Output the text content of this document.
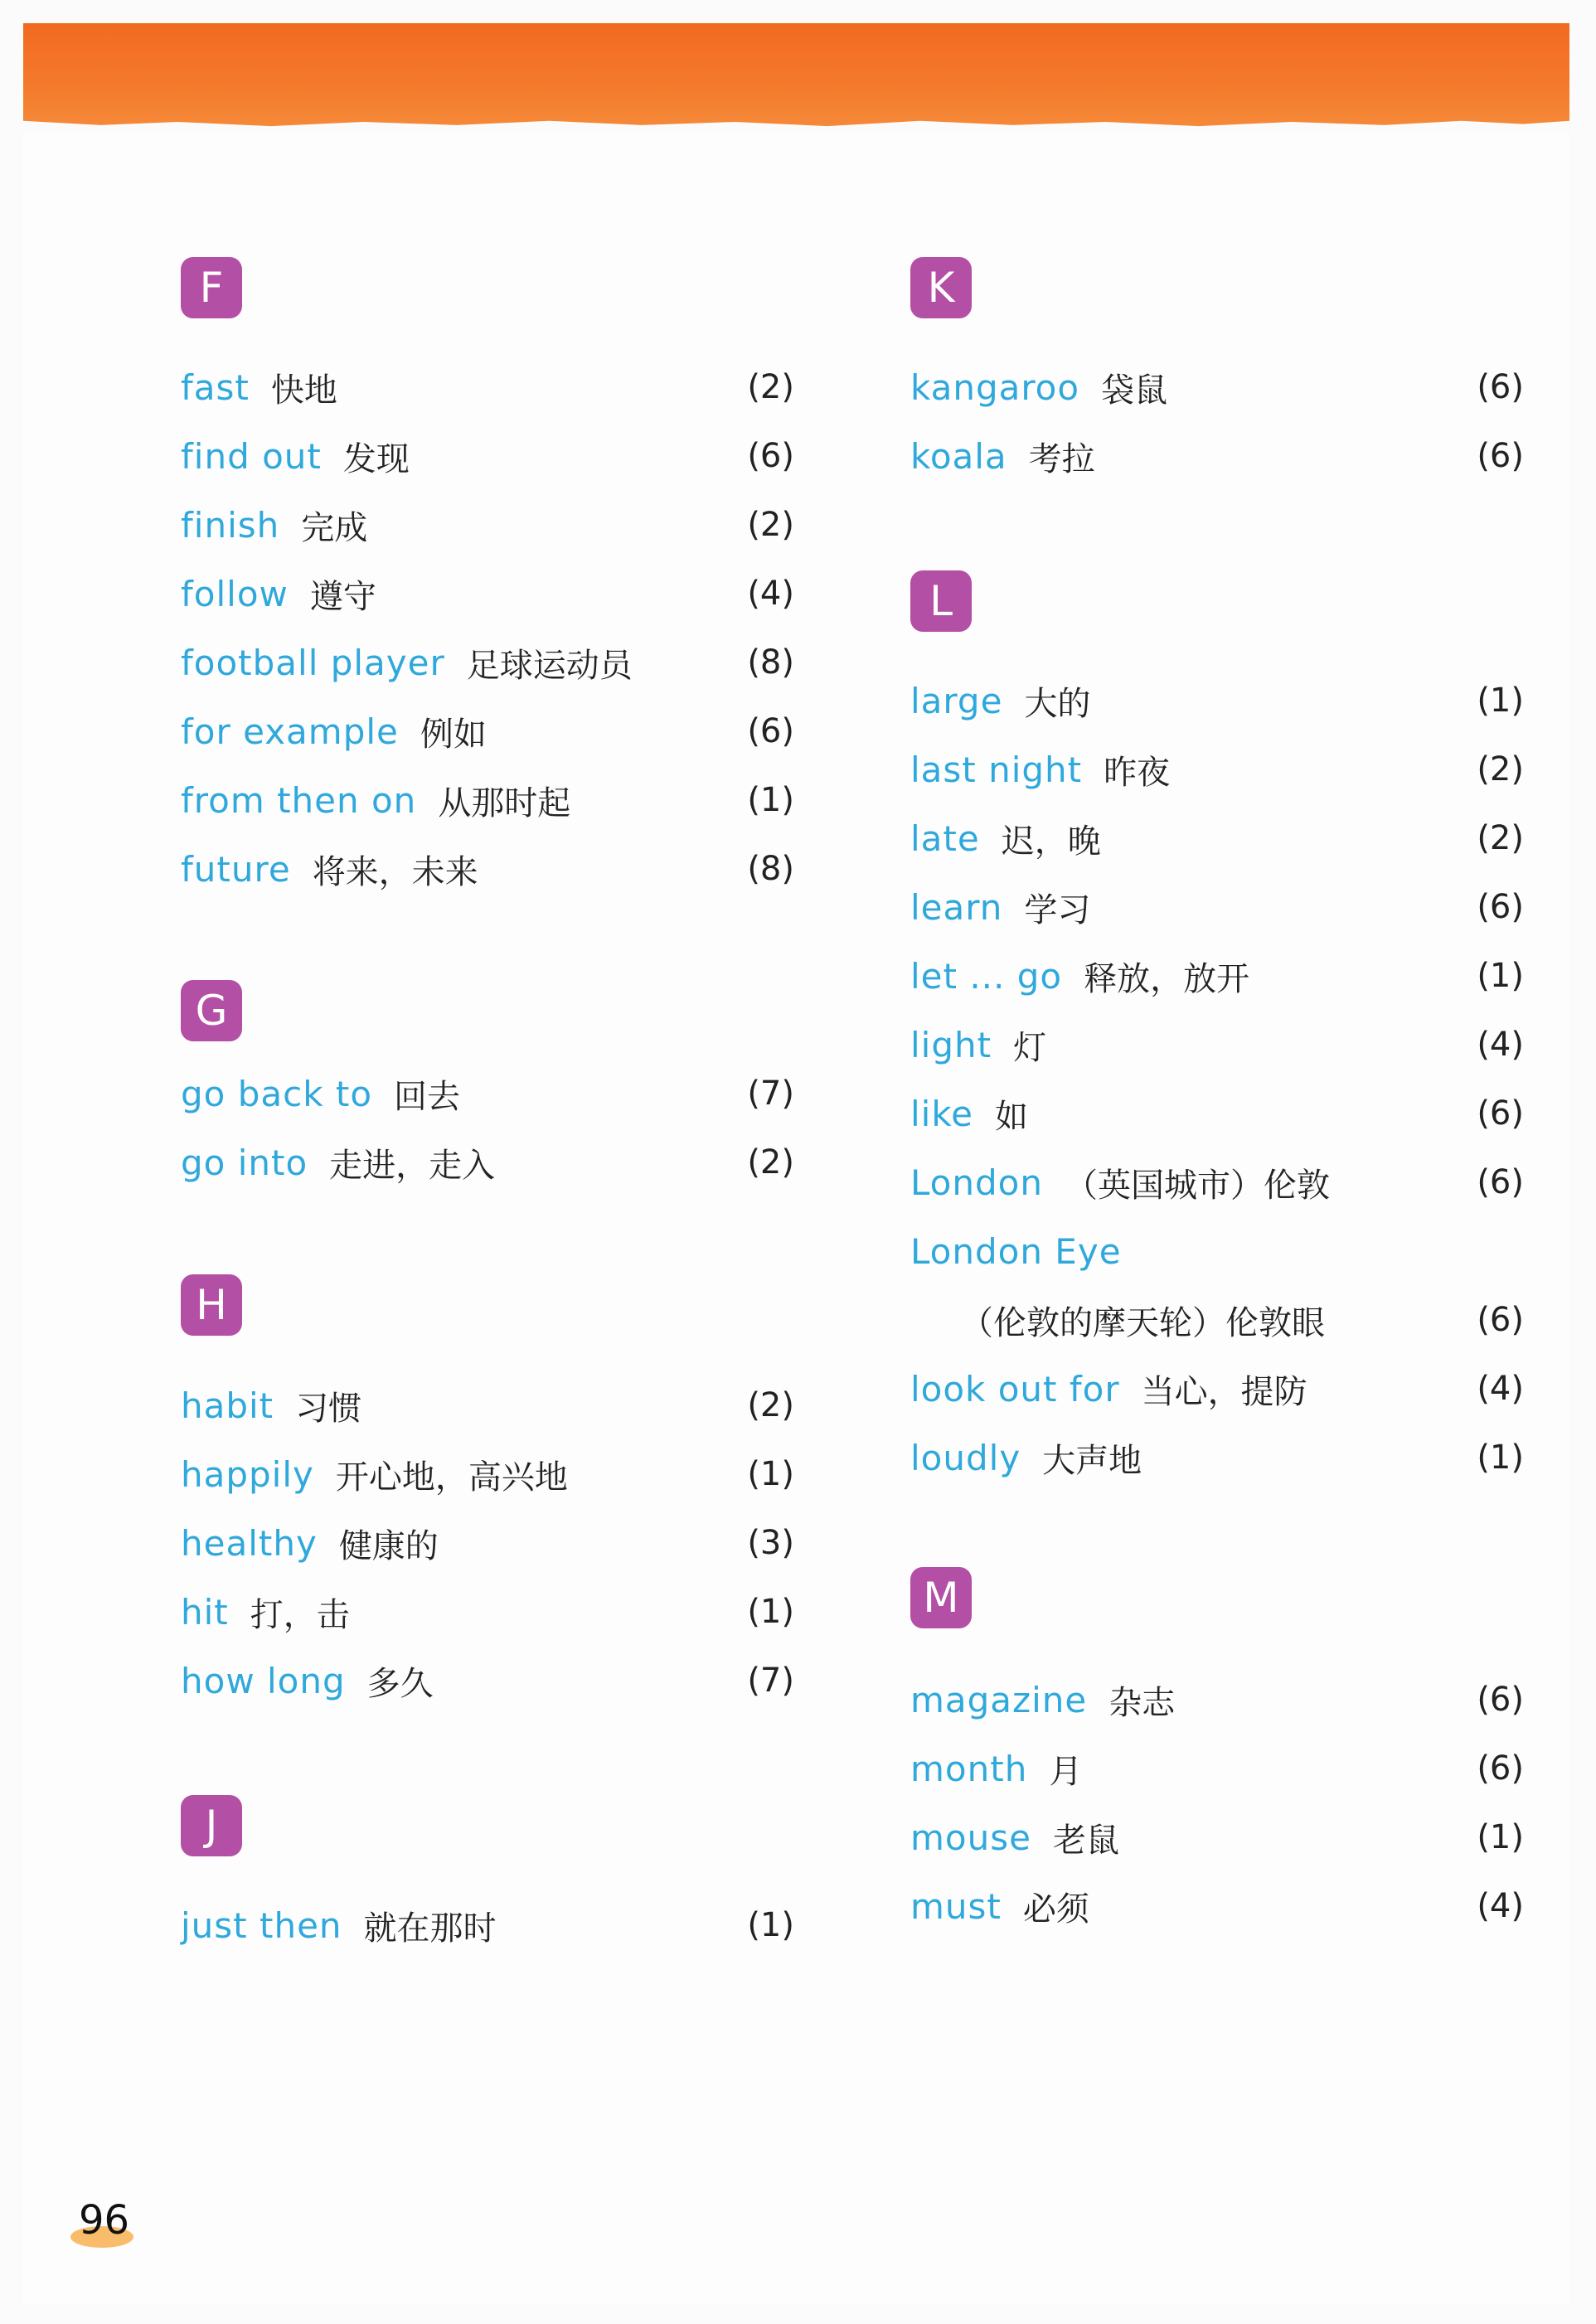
F
fast 快地	(2)
find out 发现	(6)
finish 完成	(2)
follow 遵守	(4)
football player 足球运动员	(8)
for example 例如	(6)
from then on 从那时起	(1)
future 将来，未来	(8)
G
go back to 回去	(7)
go into 走进，走入	(2)
H
habit 习惯	(2)
happily 开心地，高兴地	(1)
healthy 健康的	(3)
hit 打，击	(1)
how long 多久	(7)
J
just then 就在那时	(1)
K
kangaroo 袋鼠	(6)
koala 考拉	(6)
L
large 大的	(1)
last night 昨夜	(2)
late 迟，晚	(2)
learn 学习	(6)
let ... go 释放，放开	(1)
light 灯	(4)
like 如	(6)
London （英国城市）伦敦	(6)
London Eye
（伦敦的摩天轮）伦敦眼	(6)
look out for 当心，提防	(4)
loudly 大声地	(1)
M
magazine 杂志	(6)
month 月	(6)
mouse 老鼠	(1)
must 必须	(4)
96
